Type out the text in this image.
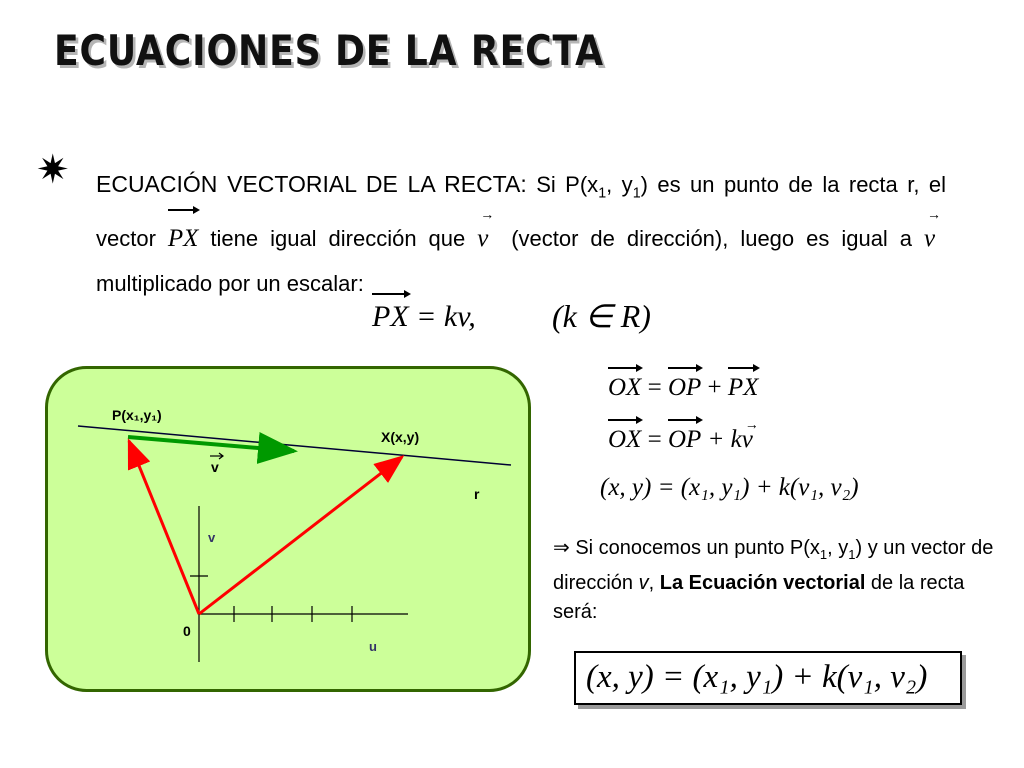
ECUACIONES DE LA RECTA
✷ ECUACIÓN VECTORIAL DE LA RECTA: Si $P(x_1$, $y_1$) es un punto de la recta r, el vector
PX tiene igual dirección que
→
v (vector de dirección), luego es igual a
→
v multiplicado por un escalar:
PX = kv, (k ∈ R)
OX =
OP +
PX
OX =
OP + k
→
v
(x, y) = (x₁, y₁) + k(v₁, v₂)
⇒ Si conocemos un punto $P(x_1$, $y_1$) y un vector de dirección v, La Ecuación vectorial de la recta será:
(x, y) = (x₁, y₁) + k(v₁, v₂)
P(x₁,y₁)
X(x,y)
v
r
v
u
0
